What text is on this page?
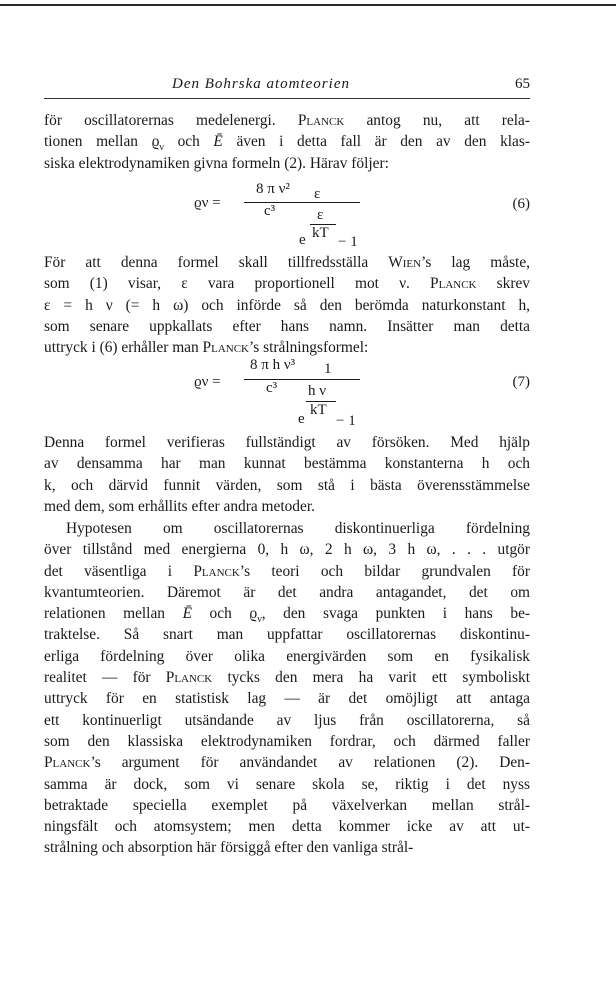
Den Bohrska atomteorien	65
för oscillatorernas medelenergi. Planck antog nu, att rela-
tionen mellan $ϱ_\nu$ och Ē även i detta fall är den av den klas-
siska elektrodynamiken givna formeln (2). Härav följer:
ϱν =
8 π ν²
c³
ε
ε
e kT
− 1
(6)
För att denna formel skall tillfredsställa Wien’s lag måste,
som (1) visar, ε vara proportionell mot ν. Planck skrev
ε = h ν (= h ω) och införde så den berömda naturkonstant h,
som senare uppkallats efter hans namn. Insätter man detta
uttryck i (6) erhåller man Planck’s strålningsformel:
ϱν =
8 π h ν³
c³
1
h ν
e
kT
− 1
(7)
Denna formel verifieras fullständigt av försöken. Med hjälp
av densamma har man kunnat bestämma konstanterna h och
k, och därvid funnit värden, som stå i bästa överensstämmelse
med dem, som erhållits efter andra metoder.
Hypotesen om oscillatorernas diskontinuerliga fördelning
över tillstånd med energierna 0, h ω, 2 h ω, 3 h ω, . . . utgör
det väsentliga i Planck’s teori och bildar grundvalen för
kvantumteorien. Däremot är det andra antagandet, det om
relationen mellan Ē och $ϱ_\nu$, den svaga punkten i hans be-
traktelse. Så snart man uppfattar oscillatorernas diskontinu-
erliga fördelning över olika energivärden som en fysikalisk
realitet — för Planck tycks den mera ha varit ett symboliskt
uttryck för en statistisk lag — är det omöjligt att antaga
ett kontinuerligt utsändande av ljus från oscillatorerna, så
som den klassiska elektrodynamiken fordrar, och därmed faller
Planck’s argument för användandet av relationen (2). Den-
samma är dock, som vi senare skola se, riktig i det nyss
betraktade speciella exemplet på växelverkan mellan strål-
ningsfält och atomsystem; men detta kommer icke av att ut-
strålning och absorption här försiggå efter den vanliga strål-
